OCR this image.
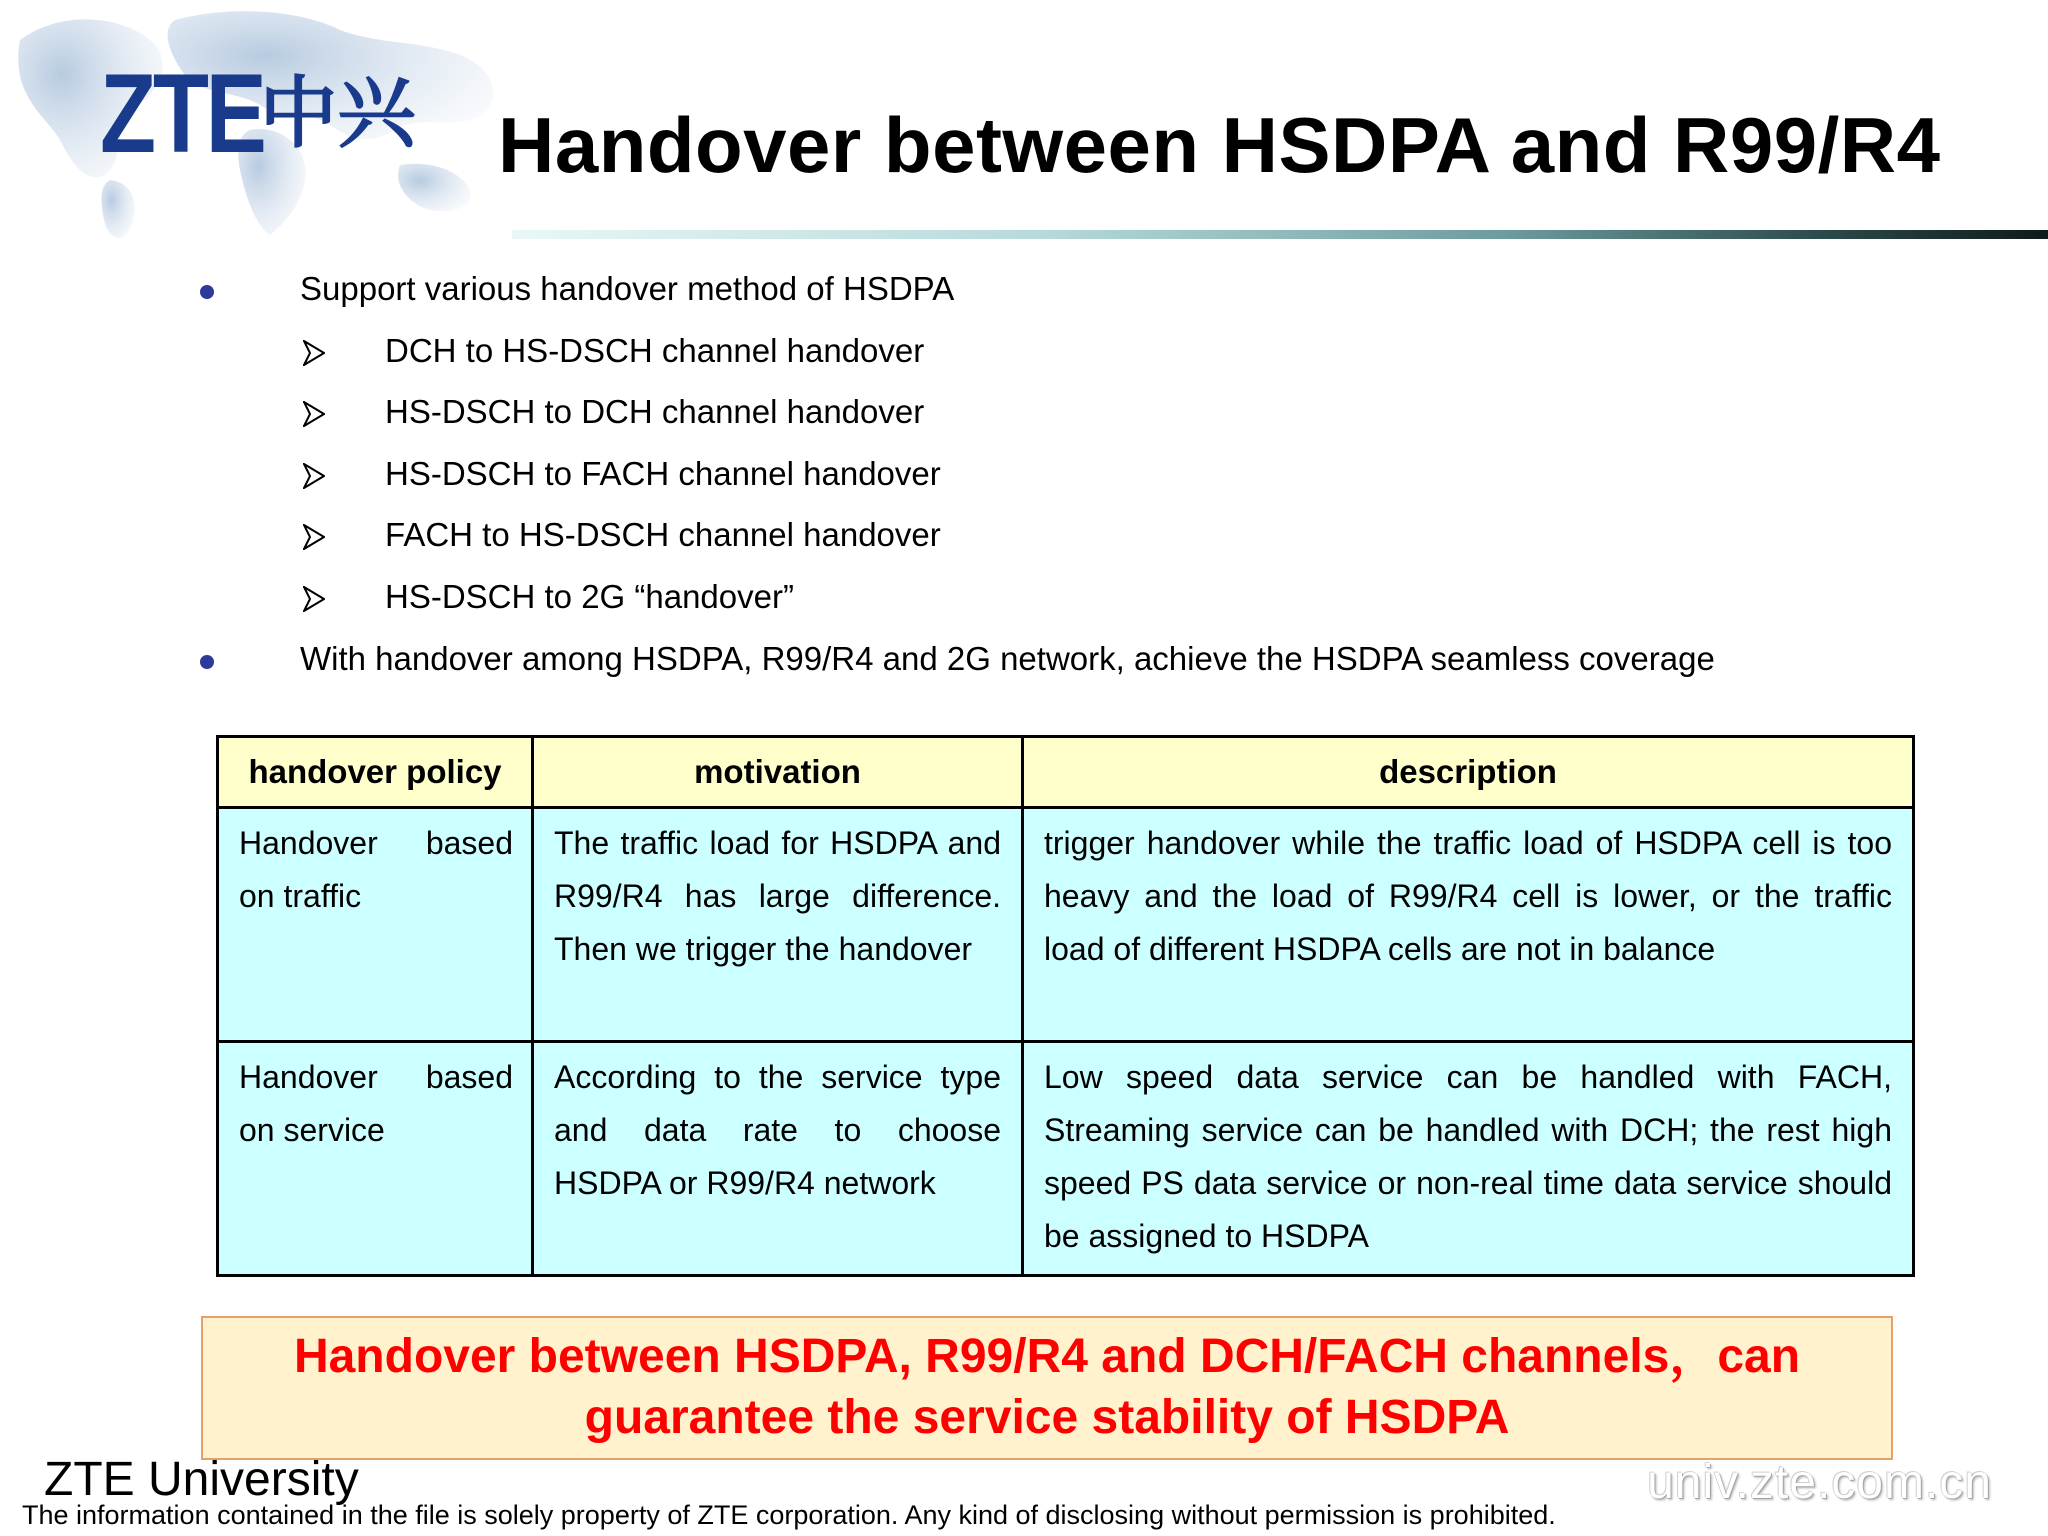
ZTE
中兴 Handover between HSDPA and R99/R4
Support various handover method of HSDPA
DCH to HS-DSCH channel handover
HS-DSCH to DCH channel handover
HS-DSCH to FACH channel handover
FACH to HS-DSCH channel handover
HS-DSCH to 2G “handover”
With handover among HSDPA, R99/R4 and 2G network, achieve the HSDPA seamless coverage
handover policy	motivation	description
Handover based on traffic	The traffic load for HSDPA and R99/R4 has large difference. Then we trigger the handover	trigger handover while the traffic load of HSDPA cell is too heavy and the load of R99/R4 cell is lower, or the traffic load of different HSDPA cells are not in balance
Handover based on service	According to the service type and data rate to choose HSDPA or R99/R4 network	Low speed data service can be handled with FACH, Streaming service can be handled with DCH; the rest high speed PS data service or non-real time data service should be assigned to HSDPA
Handover between HSDPA, R99/R4 and DCH/FACH channels，can
guarantee the service stability of HSDPA
ZTE University
The information contained in the file is solely property of ZTE corporation. Any kind of disclosing without permission is prohibited.
univ.zte.com.cn
